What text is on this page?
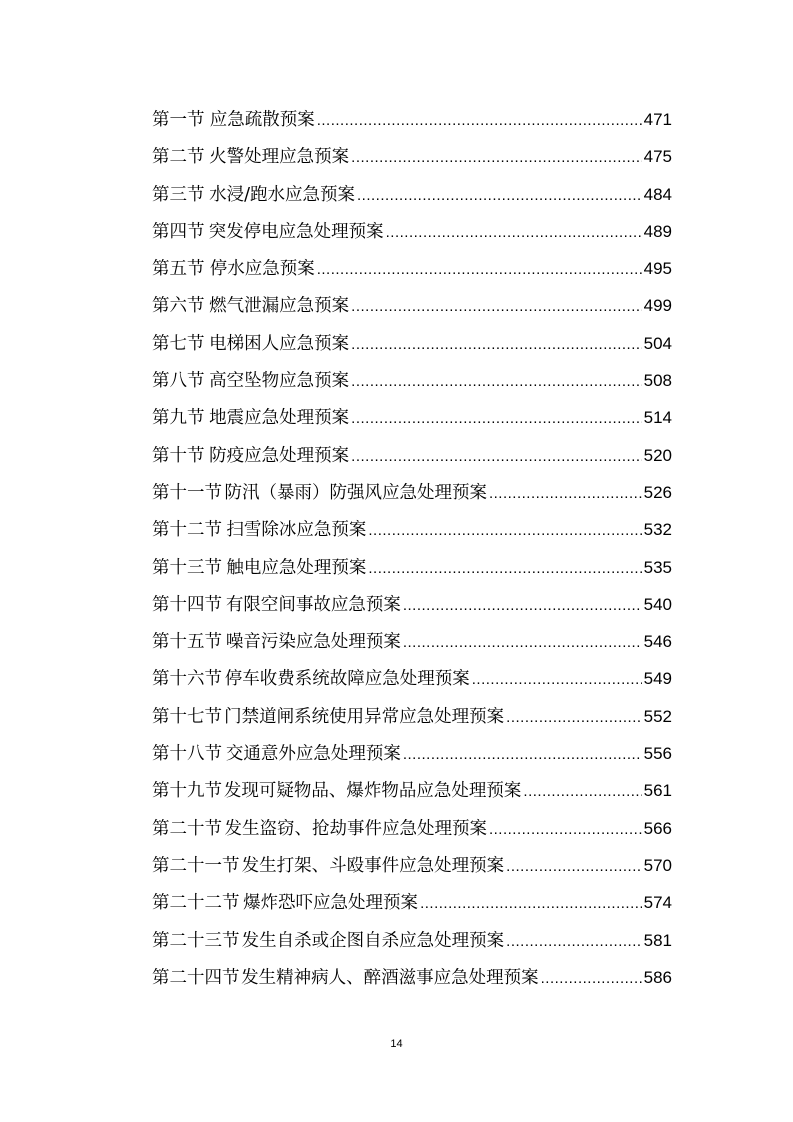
第一节 应急疏散预案 .....	471
第二节 火警处理应急预案 .....	475
第三节 水浸/跑水应急预案 .....	484
第四节 突发停电应急处理预案 .....	489
第五节 停水应急预案 .....	495
第六节 燃气泄漏应急预案 .....	499
第七节 电梯困人应急预案 .....	504
第八节 高空坠物应急预案 .....	508
第九节 地震应急处理预案 .....	514
第十节 防疫应急处理预案 .....	520
第十一节 防汛（暴雨）防强风应急处理预案 .....	526
第十二节 扫雪除冰应急预案 .....	532
第十三节 触电应急处理预案 .....	535
第十四节 有限空间事故应急预案 .....	540
第十五节 噪音污染应急处理预案 .....	546
第十六节 停车收费系统故障应急处理预案 .....	549
第十七节 门禁道闸系统使用异常应急处理预案 .....	552
第十八节 交通意外应急处理预案 .....	556
第十九节 发现可疑物品、爆炸物品应急处理预案 .....	561
第二十节 发生盗窃、抢劫事件应急处理预案 .....	566
第二十一节 发生打架、斗殴事件应急处理预案 .....	570
第二十二节 爆炸恐吓应急处理预案 .....	574
第二十三节 发生自杀或企图自杀应急处理预案 .....	581
第二十四节 发生精神病人、醉酒滋事应急处理预案 .....	586
14
